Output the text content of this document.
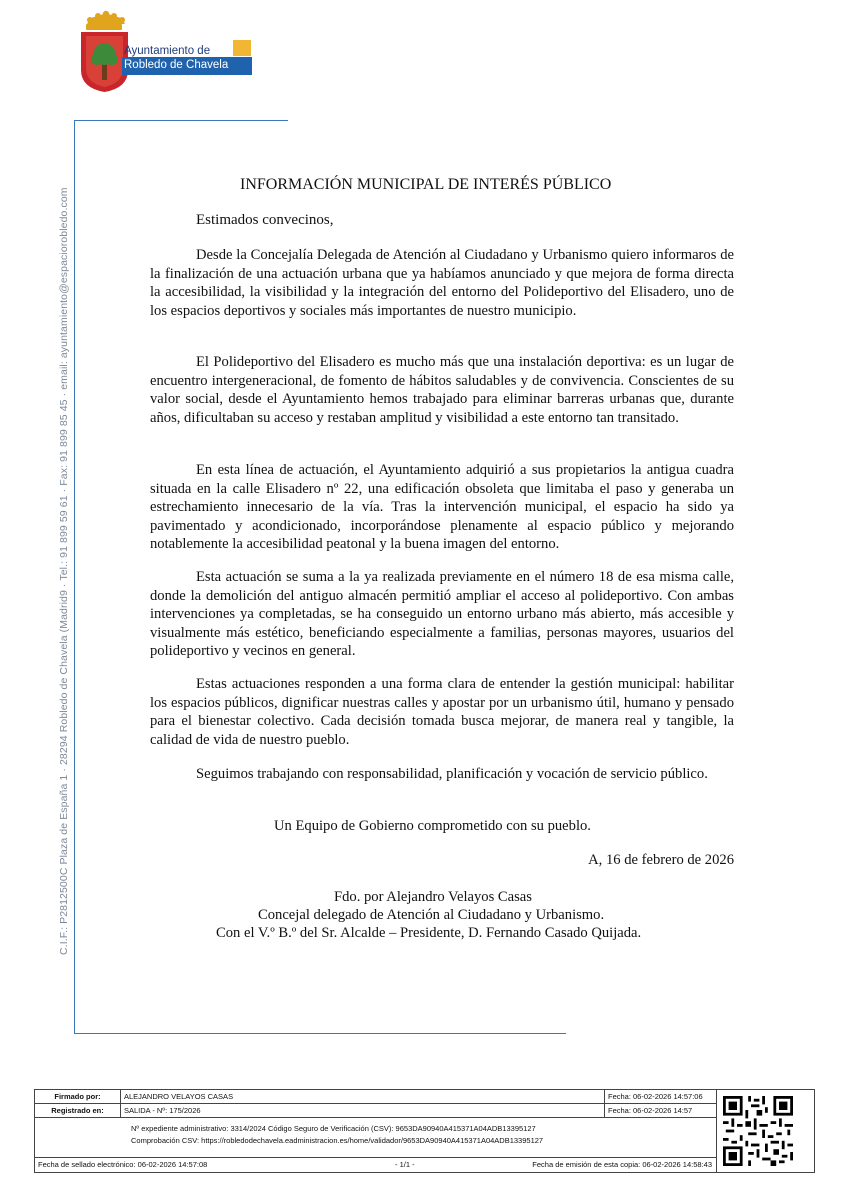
Ayuntamiento de
Robledo de Chavela
C.I.F.: P2812500C Plaza de España 1 · 28294 Robledo de Chavela (Madrid9 · Tel.: 91 899 59 61 · Fax: 91 899 85 45 · email: ayuntamiento@espaciorobledo.com
INFORMACIÓN MUNICIPAL DE INTERÉS PÚBLICO
Estimados convecinos,
Desde la Concejalía Delegada de Atención al Ciudadano y Urbanismo quiero informaros de la finalización de una actuación urbana que ya habíamos anunciado y que mejora de forma directa la accesibilidad, la visibilidad y la integración del entorno del Polideportivo del Elisadero, uno de los espacios deportivos y sociales más importantes de nuestro municipio.
El Polideportivo del Elisadero es mucho más que una instalación deportiva: es un lugar de encuentro intergeneracional, de fomento de hábitos saludables y de convivencia. Conscientes de su valor social, desde el Ayuntamiento hemos trabajado para eliminar barreras urbanas que, durante años, dificultaban su acceso y restaban amplitud y visibilidad a este entorno tan transitado.
En esta línea de actuación, el Ayuntamiento adquirió a sus propietarios la antigua cuadra situada en la calle Elisadero nº 22, una edificación obsoleta que limitaba el paso y generaba un estrechamiento innecesario de la vía. Tras la intervención municipal, el espacio ha sido ya pavimentado y acondicionado, incorporándose plenamente al espacio público y mejorando notablemente la accesibilidad peatonal y la buena imagen del entorno.
Esta actuación se suma a la ya realizada previamente en el número 18 de esa misma calle, donde la demolición del antiguo almacén permitió ampliar el acceso al polideportivo. Con ambas intervenciones ya completadas, se ha conseguido un entorno urbano más abierto, más accesible y visualmente más estético, beneficiando especialmente a familias, personas mayores, usuarios del polideportivo y vecinos en general.
Estas actuaciones responden a una forma clara de entender la gestión municipal: habilitar los espacios públicos, dignificar nuestras calles y apostar por un urbanismo útil, humano y pensado para el bienestar colectivo. Cada decisión tomada busca mejorar, de manera real y tangible, la calidad de vida de nuestro pueblo.
Seguimos trabajando con responsabilidad, planificación y vocación de servicio público.
Un Equipo de Gobierno comprometido con su pueblo.
A, 16 de febrero de 2026
Fdo. por Alejandro Velayos Casas
Concejal delegado de Atención al Ciudadano y Urbanismo.
Con el V.º B.º del Sr. Alcalde – Presidente, D. Fernando Casado Quijada.
Firmado por:	ALEJANDRO VELAYOS CASAS	Fecha: 06-02-2026 14:57:06
Registrado en:	SALIDA - Nº: 175/2026	Fecha: 06-02-2026 14:57
Nº expediente administrativo: 3314/2024 Código Seguro de Verificación (CSV): 9653DA90940A415371A04ADB13395127
Comprobación CSV: https://robledodechavela.eadministracion.es/home/validador/9653DA90940A415371A04ADB13395127
Fecha de sellado electrónico: 06-02-2026 14:57:08	- 1/1 -	Fecha de emisión de esta copia: 06-02-2026 14:58:43
